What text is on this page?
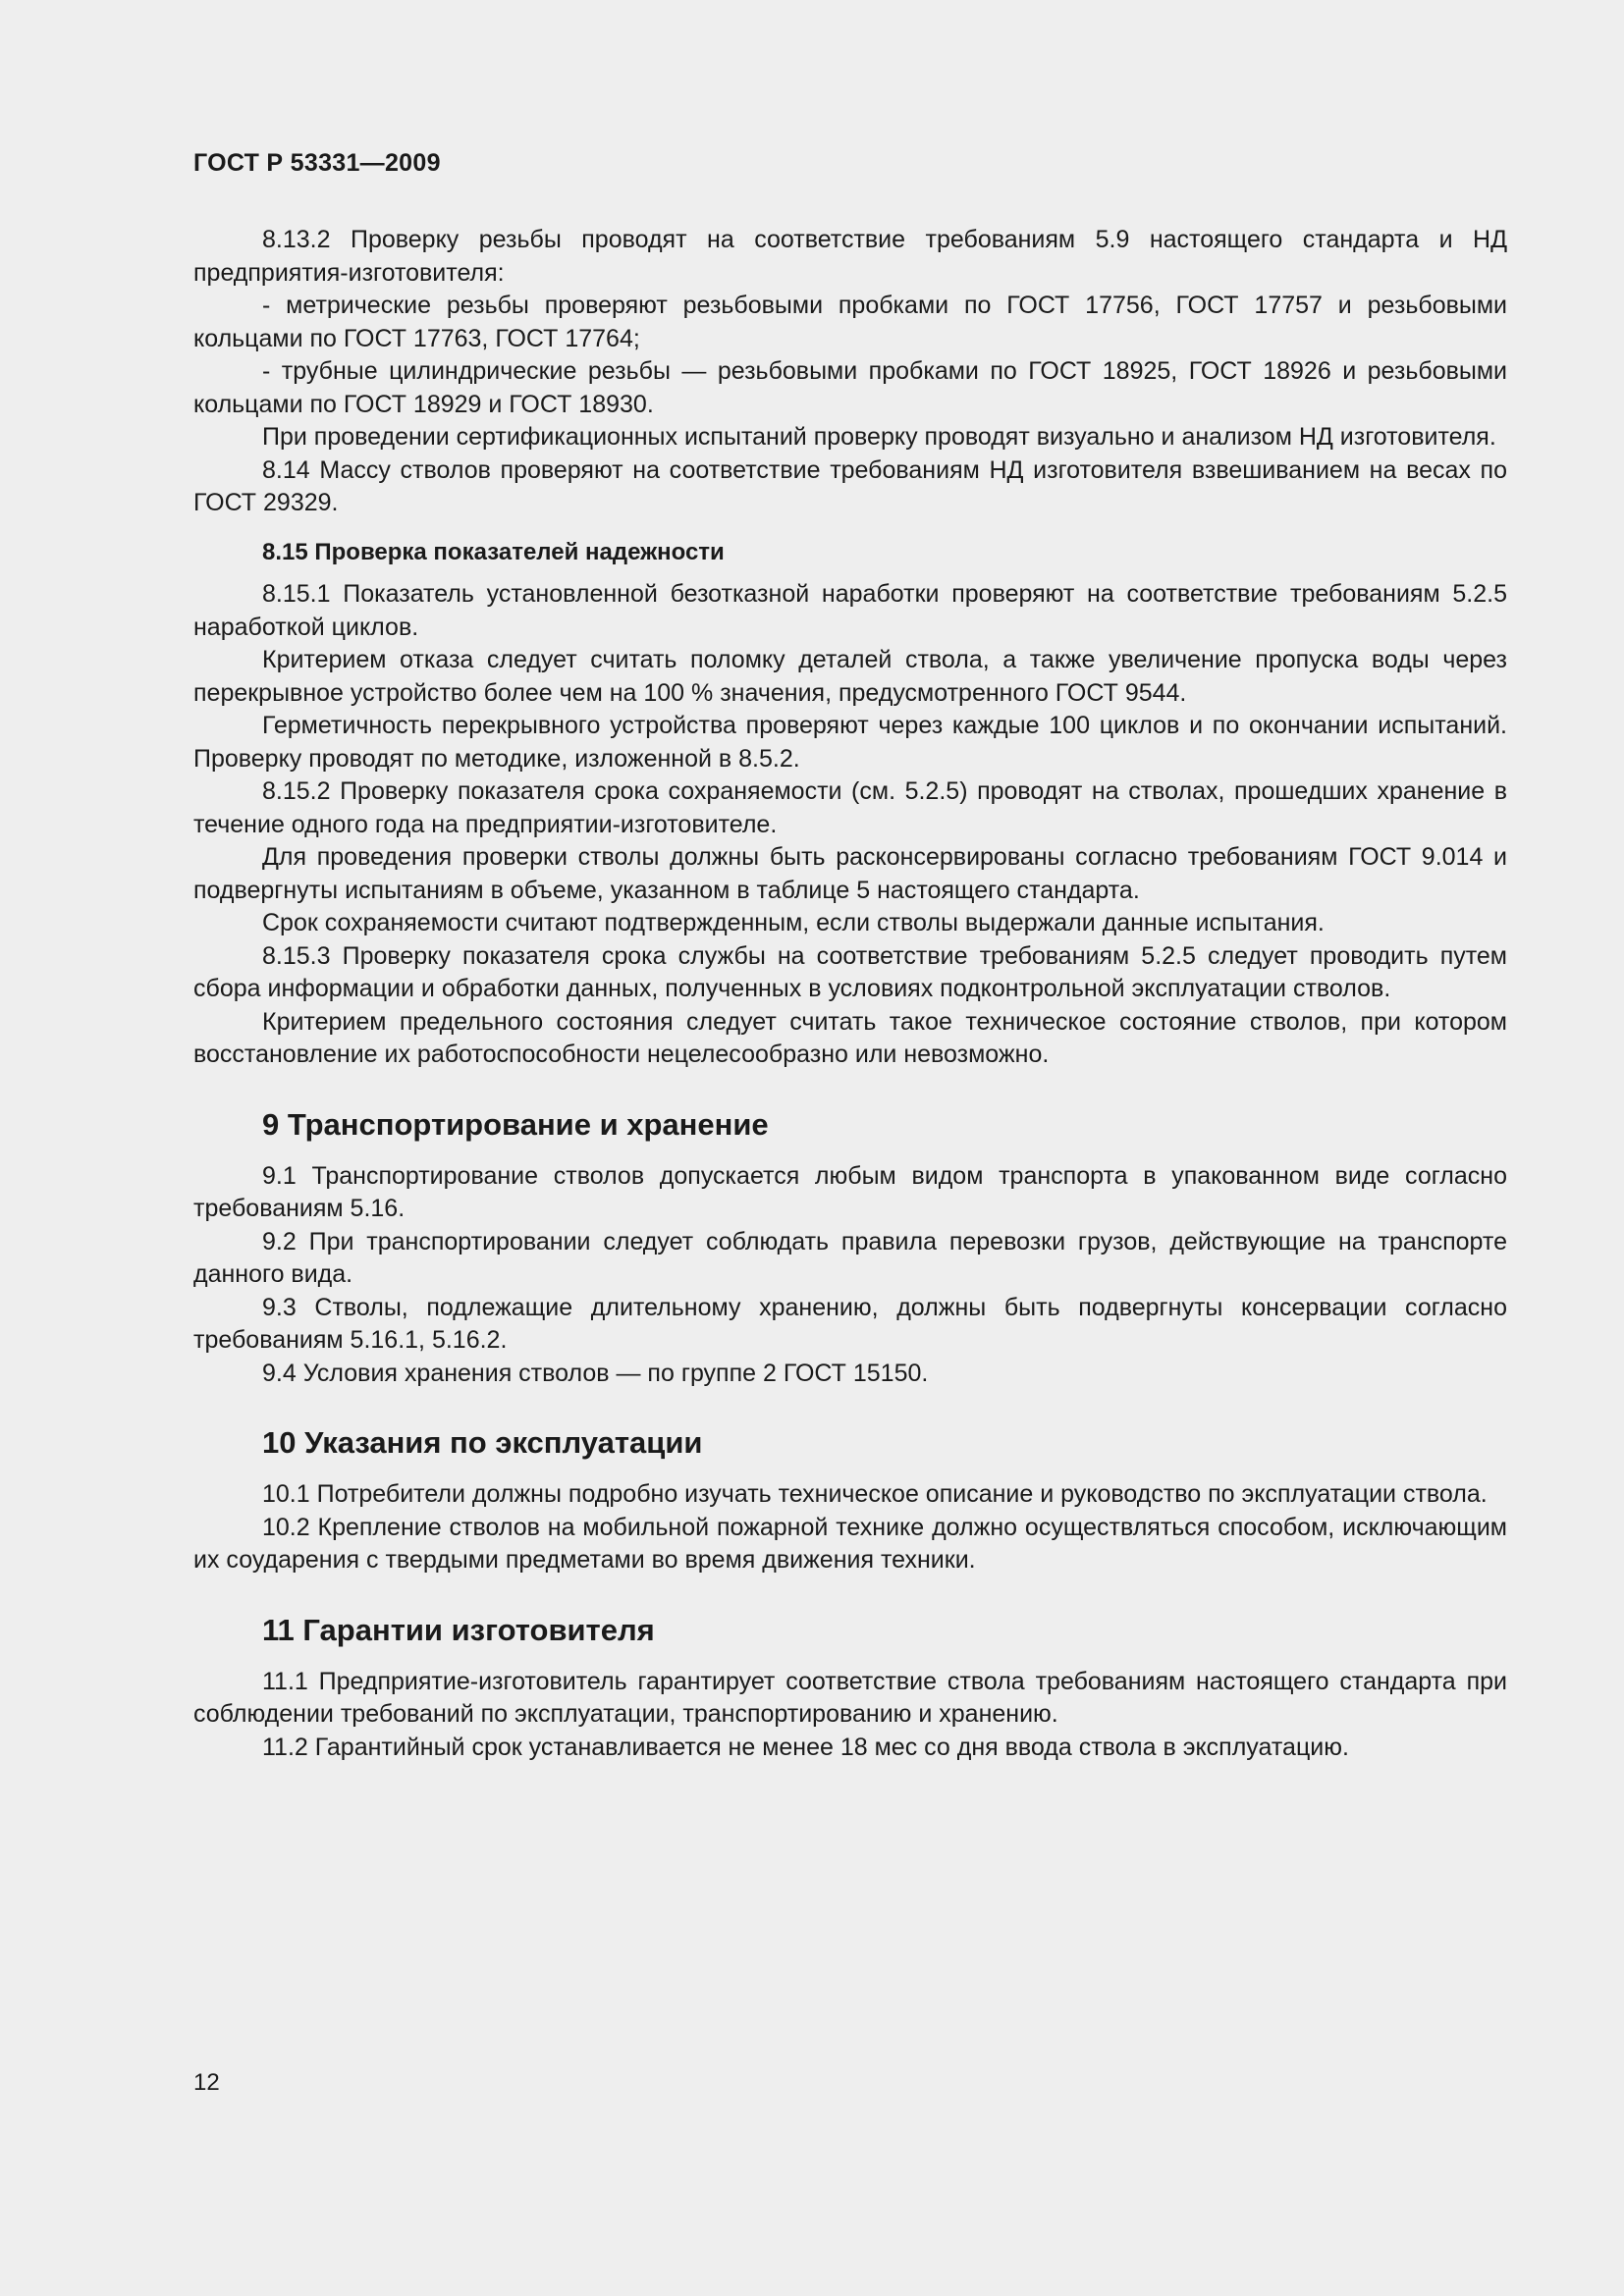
ГОСТ Р 53331—2009

8.13.2 Проверку резьбы проводят на соответствие требованиям 5.9 настоящего стандарта и НД предприятия-изготовителя:

- метрические резьбы проверяют резьбовыми пробками по ГОСТ 17756, ГОСТ 17757 и резьбовыми кольцами по ГОСТ 17763, ГОСТ 17764;

- трубные цилиндрические резьбы — резьбовыми пробками по ГОСТ 18925, ГОСТ 18926 и резьбовыми кольцами по ГОСТ 18929 и ГОСТ 18930.

При проведении сертификационных испытаний проверку проводят визуально и анализом НД изготовителя.

8.14 Массу стволов проверяют на соответствие требованиям НД изготовителя взвешиванием на весах по ГОСТ 29329.

8.15 Проверка показателей надежности

8.15.1 Показатель установленной безотказной наработки проверяют на соответствие требованиям 5.2.5 наработкой циклов.

Критерием отказа следует считать поломку деталей ствола, а также увеличение пропуска воды через перекрывное устройство более чем на 100 % значения, предусмотренного ГОСТ 9544.

Герметичность перекрывного устройства проверяют через каждые 100 циклов и по окончании испытаний. Проверку проводят по методике, изложенной в 8.5.2.

8.15.2 Проверку показателя срока сохраняемости (см. 5.2.5) проводят на стволах, прошедших хранение в течение одного года на предприятии-изготовителе.

Для проведения проверки стволы должны быть расконсервированы согласно требованиям ГОСТ 9.014 и подвергнуты испытаниям в объеме, указанном в таблице 5 настоящего стандарта.

Срок сохраняемости считают подтвержденным, если стволы выдержали данные испытания.

8.15.3 Проверку показателя срока службы на соответствие требованиям 5.2.5 следует проводить путем сбора информации и обработки данных, полученных в условиях подконтрольной эксплуатации стволов.

Критерием предельного состояния следует считать такое техническое состояние стволов, при котором восстановление их работоспособности нецелесообразно или невозможно.

9 Транспортирование и хранение

9.1 Транспортирование стволов допускается любым видом транспорта в упакованном виде согласно требованиям 5.16.

9.2 При транспортировании следует соблюдать правила перевозки грузов, действующие на транспорте данного вида.

9.3 Стволы, подлежащие длительному хранению, должны быть подвергнуты консервации согласно требованиям 5.16.1, 5.16.2.

9.4 Условия хранения стволов — по группе 2 ГОСТ 15150.

10 Указания по эксплуатации

10.1 Потребители должны подробно изучать техническое описание и руководство по эксплуатации ствола.

10.2 Крепление стволов на мобильной пожарной технике должно осуществляться способом, исключающим их соударения с твердыми предметами во время движения техники.

11 Гарантии изготовителя

11.1 Предприятие-изготовитель гарантирует соответствие ствола требованиям настоящего стандарта при соблюдении требований по эксплуатации, транспортированию и хранению.

11.2 Гарантийный срок устанавливается не менее 18 мес со дня ввода ствола в эксплуатацию.

12
